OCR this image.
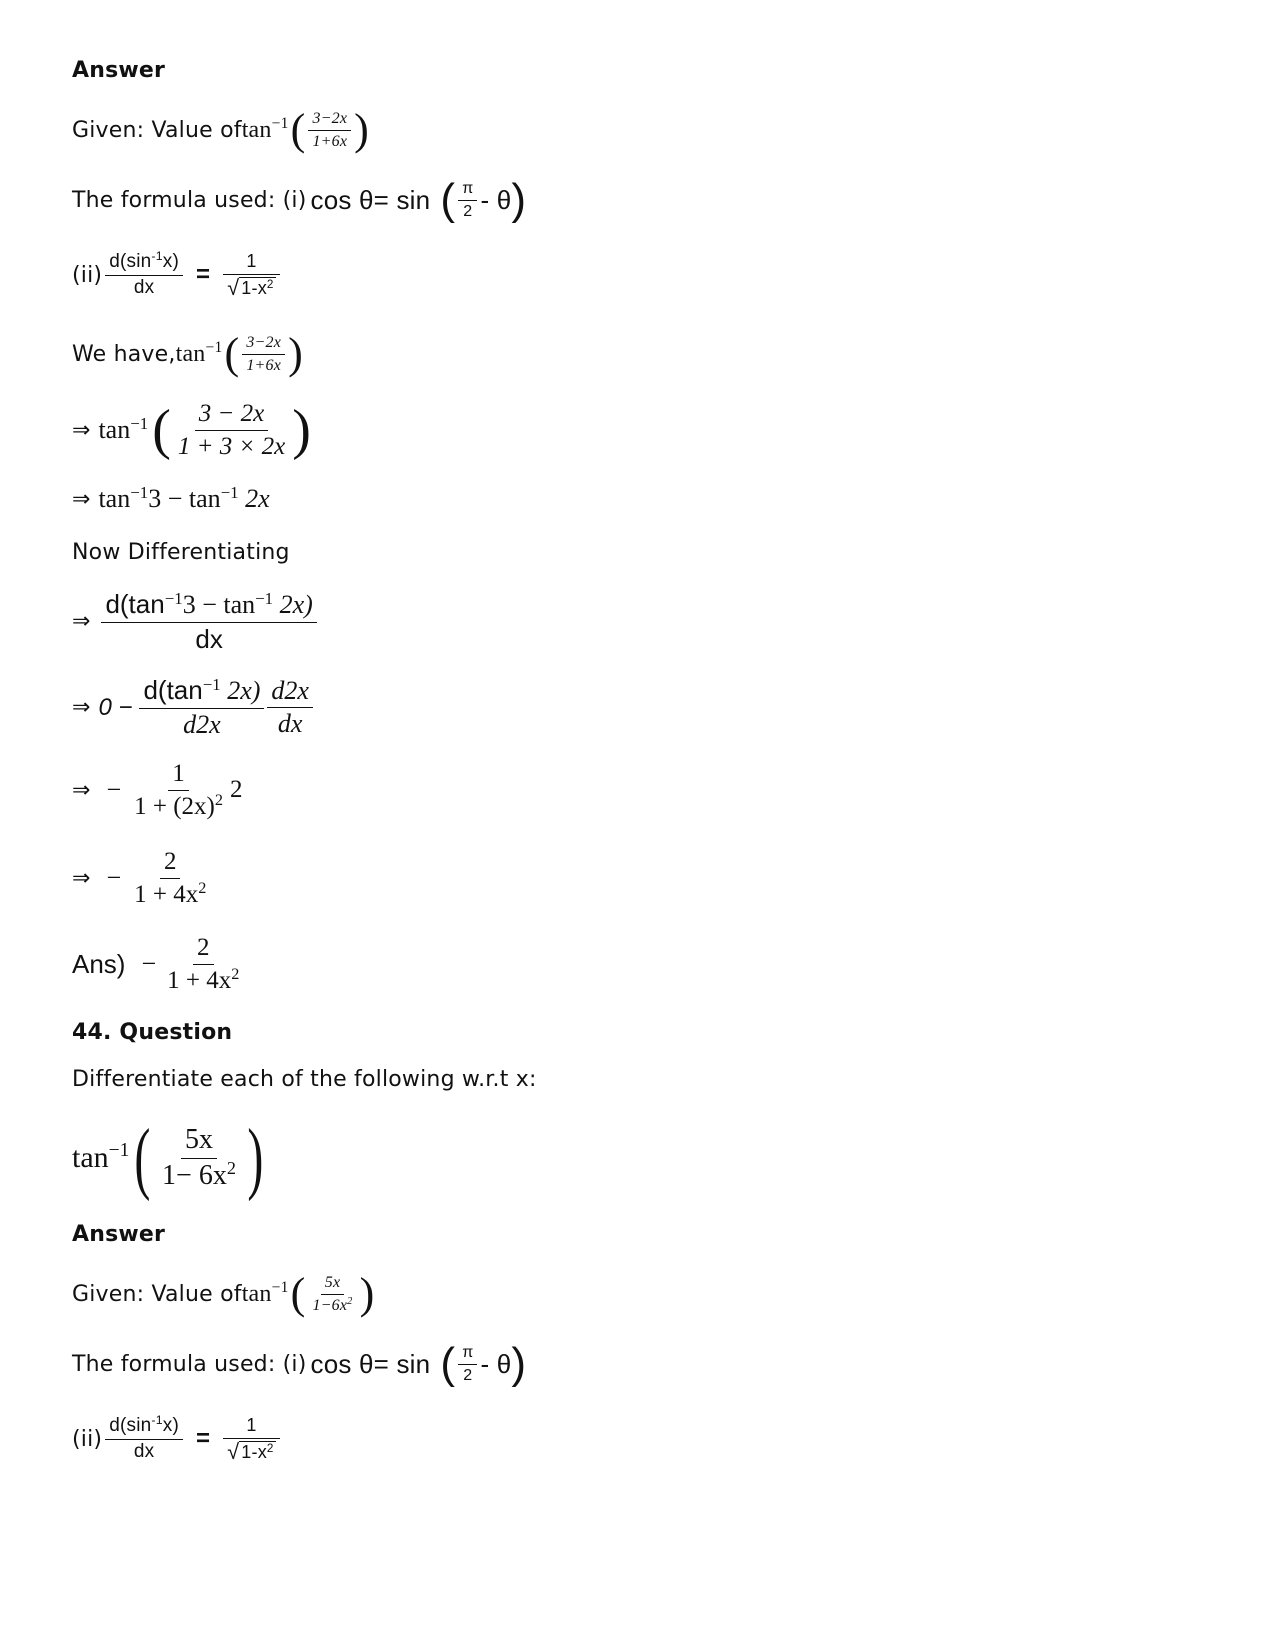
Answer
Given: Value of $\tan^{-1}$ ( $\frac{3-2x}{1+6x}$ )
The formula used: (i) cos θ= sin ( $\frac{\pi}{2}$ - θ )
$(ii) \frac{d(\sin^{-1}x)}{dx} = \frac{1}{√ 1-x^2}$
We have, $\tan^{-1}$ ( $\frac{3-2x}{1+6x}$ )
⇒ $\tan^{-1}$ ( $\frac{3 - 2x}{1 + 3 \times 2x}$ )
⇒ $\tan^{-1}3 - \tan^{-1} 2x$
Now Differentiating
⇒ $\frac{d(\tan^{-1}3 - \tan^{-1} 2x)}{dx}$
⇒ $0 - \frac{d(\tan^{-1} 2x)}{d2x} \frac{d2x}{dx}$
⇒ − $\frac{1}{1 + (2x)^2} 2$
⇒ − $\frac{2}{1 + 4x^2}$
$Ans) - \frac{2}{1 + 4x^2}$
44. Question
Differentiate each of the following w.r.t x:
$\tan^{-1}$ ( $\frac{5x}{1- 6x^2}$ )
Answer
Given: Value of $\tan^{-1}$ ( $\frac{5x}{1-6x^2}$ )
The formula used: (i) cos θ= sin ( $\frac{\pi}{2}$ - θ )
$(ii) \frac{d(\sin^{-1}x)}{dx} = \frac{1}{√ 1-x^2}$
